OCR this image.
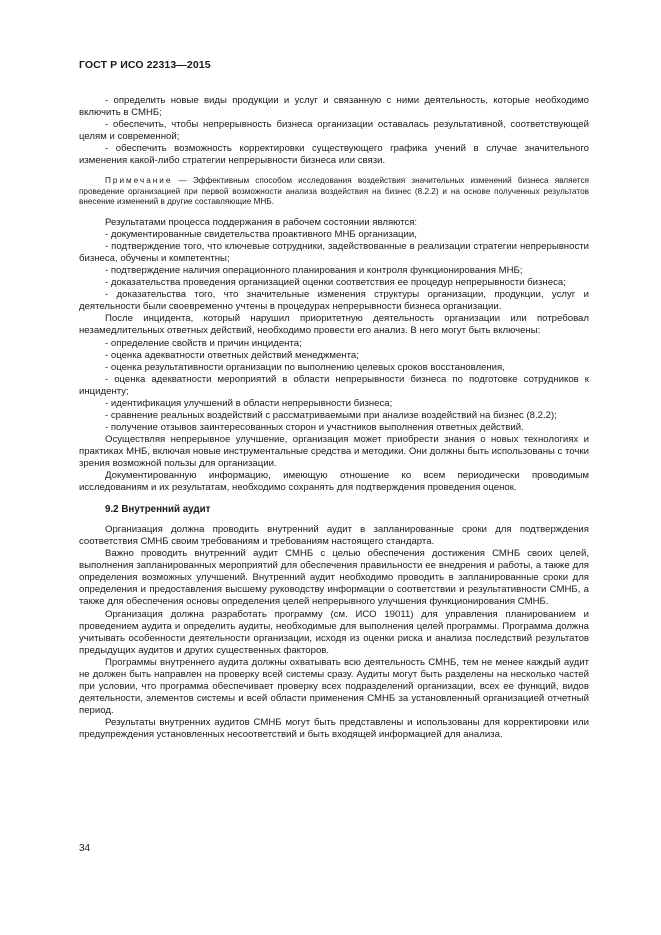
ГОСТ Р ИСО 22313—2015

- определить новые виды продукции и услуг и связанную с ними деятельность, которые необходимо включить в СМНБ;

- обеспечить, чтобы непрерывность бизнеса организации оставалась результативной, соответствующей целям и современной;

- обеспечить возможность корректировки существующего графика учений в случае значительного изменения какой-либо стратегии непрерывности бизнеса или связи.

Примечание — Эффективным способом исследования воздействия значительных изменений бизнеса является проведение организацией при первой возможности анализа воздействия на бизнес (8.2.2) и на основе полученных результатов внесение изменений в другие составляющие МНБ.

Результатами процесса поддержания в рабочем состоянии являются:

- документированные свидетельства проактивного МНБ организации,

- подтверждение того, что ключевые сотрудники, задействованные в реализации стратегии непрерывности бизнеса, обучены и компетентны;

- подтверждение наличия операционного планирования и контроля функционирования МНБ;

- доказательства проведения организацией оценки соответствия ее процедур непрерывности бизнеса;

- доказательства того, что значительные изменения структуры организации, продукции, услуг и деятельности были своевременно учтены в процедурах непрерывности бизнеса организации.

После инцидента, который нарушил приоритетную деятельность организации или потребовал незамедлительных ответных действий, необходимо провести его анализ. В него могут быть включены:

- определение свойств и причин инцидента;

- оценка адекватности ответных действий менеджмента;

- оценка результативности организации по выполнению целевых сроков восстановления,

- оценка адекватности мероприятий в области непрерывности бизнеса по подготовке сотрудников к инциденту;

- идентификация улучшений в области непрерывности бизнеса;

- сравнение реальных воздействий с рассматриваемыми при анализе воздействий на бизнес (8.2.2);

- получение отзывов заинтересованных сторон и участников выполнения ответных действий.

Осуществляя непрерывное улучшение, организация может приобрести знания о новых технологиях и практиках МНБ, включая новые инструментальные средства и методики. Они должны быть использованы с точки зрения возможной пользы для организации.

Документированную информацию, имеющую отношение ко всем периодически проводимым исследованиям и их результатам, необходимо сохранять для подтверждения проведения оценок.

9.2 Внутренний аудит

Организация должна проводить внутренний аудит в запланированные сроки для подтверждения соответствия СМНБ своим требованиям и требованиям настоящего стандарта.

Важно проводить внутренний аудит СМНБ с целью обеспечения достижения СМНБ своих целей, выполнения запланированных мероприятий для обеспечения правильности ее внедрения и работы, а также для определения возможных улучшений. Внутренний аудит необходимо проводить в запланированные сроки для определения и предоставления высшему руководству информации о соответствии и результативности СМНБ, а также для обеспечения основы определения целей непрерывного улучшения функционирования СМНБ.

Организация должна разработать программу (см. ИСО 19011) для управления планированием и проведением аудита и определить аудиты, необходимые для выполнения целей программы. Программа должна учитывать особенности деятельности организации, исходя из оценки риска и анализа последствий результатов предыдущих аудитов и других существенных факторов.

Программы внутреннего аудита должны охватывать всю деятельность СМНБ, тем не менее каждый аудит не должен быть направлен на проверку всей системы сразу. Аудиты могут быть разделены на несколько частей при условии, что программа обеспечивает проверку всех подразделений организации, всех ее функций, видов деятельности, элементов системы и всей области применения СМНБ за установленный организацией отчетный период.

Результаты внутренних аудитов СМНБ могут быть представлены и использованы для корректировки или предупреждения установленных несоответствий и быть входящей информацией для анализа.

34
